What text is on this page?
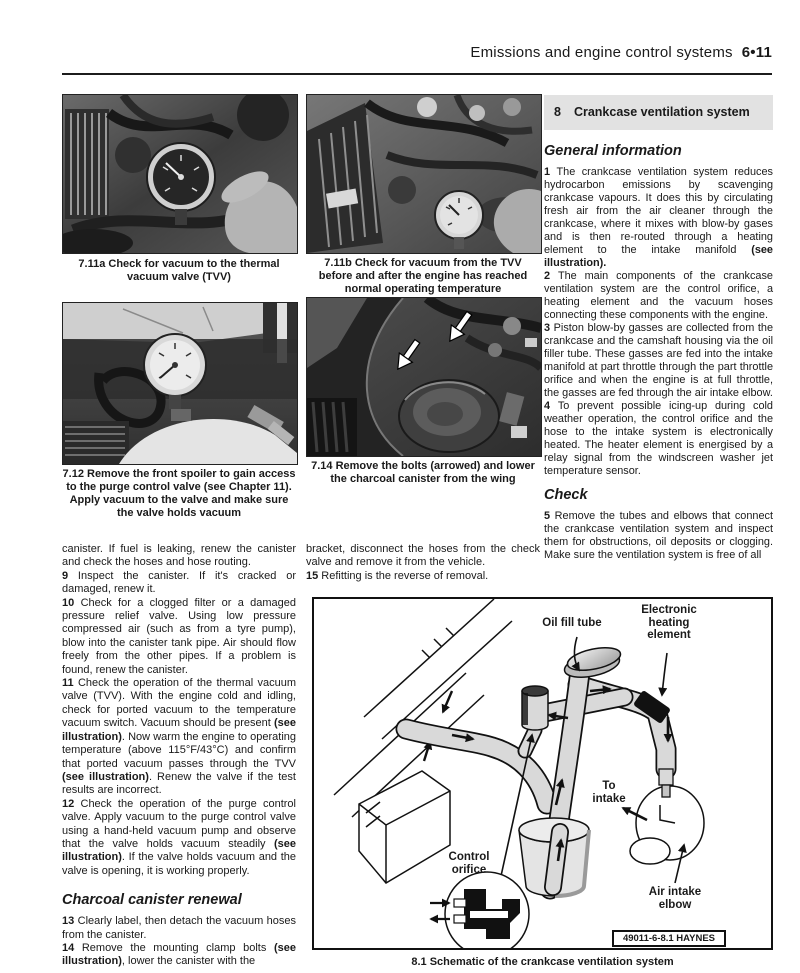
Emissions and engine control systems 6•11
7.11a Check for vacuum to the thermal vacuum valve (TVV)
7.11b Check for vacuum from the TVV before and after the engine has reached normal operating temperature
7.12 Remove the front spoiler to gain access to the purge control valve (see Chapter 11). Apply vacuum to the valve and make sure the valve holds vacuum
7.14 Remove the bolts (arrowed) and lower the charcoal canister from the wing
8 Crankcase ventilation system
General information

1 The crankcase ventilation system reduces hydrocarbon emissions by scavenging crankcase vapours. It does this by circulating fresh air from the air cleaner through the crankcase, where it mixes with blow-by gases and is then re-routed through a heating element to the intake manifold (see illustration).

2 The main components of the crankcase ventilation system are the control orifice, a heating element and the vacuum hoses connecting these components with the engine.

3 Piston blow-by gasses are collected from the crankcase and the camshaft housing via the oil filler tube. These gasses are fed into the intake manifold at part throttle through the part throttle orifice and when the engine is at full throttle, the gasses are fed through the air intake elbow.

4 To prevent possible icing-up during cold weather operation, the control orifice and the hose to the intake system is electronically heated. The heater element is energised by a relay signal from the windscreen washer jet temperature sensor.

Check

5 Remove the tubes and elbows that connect the crankcase ventilation system and inspect them for obstructions, oil deposits or clogging. Make sure the ventilation system is free of all

canister. If fuel is leaking, renew the canister and check the hoses and hose routing.

9 Inspect the canister. If it's cracked or damaged, renew it.

10 Check for a clogged filter or a damaged pressure relief valve. Using low pressure compressed air (such as from a tyre pump), blow into the canister tank pipe. Air should flow freely from the other pipes. If a problem is found, renew the canister.

11 Check the operation of the thermal vacuum valve (TVV). With the engine cold and idling, check for ported vacuum to the temperature vacuum switch. Vacuum should be present (see illustration). Now warm the engine to operating temperature (above 115°F/43°C) and confirm that ported vacuum passes through the TVV (see illustration). Renew the valve if the test results are incorrect.

12 Check the operation of the purge control valve. Apply vacuum to the purge control valve using a hand-held vacuum pump and observe that the valve holds vacuum steadily (see illustration). If the valve holds vacuum and the valve is opening, it is working properly.

Charcoal canister renewal

13 Clearly label, then detach the vacuum hoses from the canister.

14 Remove the mounting clamp bolts (see illustration), lower the canister with the

bracket, disconnect the hoses from the check valve and remove it from the vehicle.

15 Refitting is the reverse of removal.

Oil fill tube
Electronic heating element
To intake
Control orifice
Air intake elbow
49011-6-8.1 HAYNES
8.1 Schematic of the crankcase ventilation system
